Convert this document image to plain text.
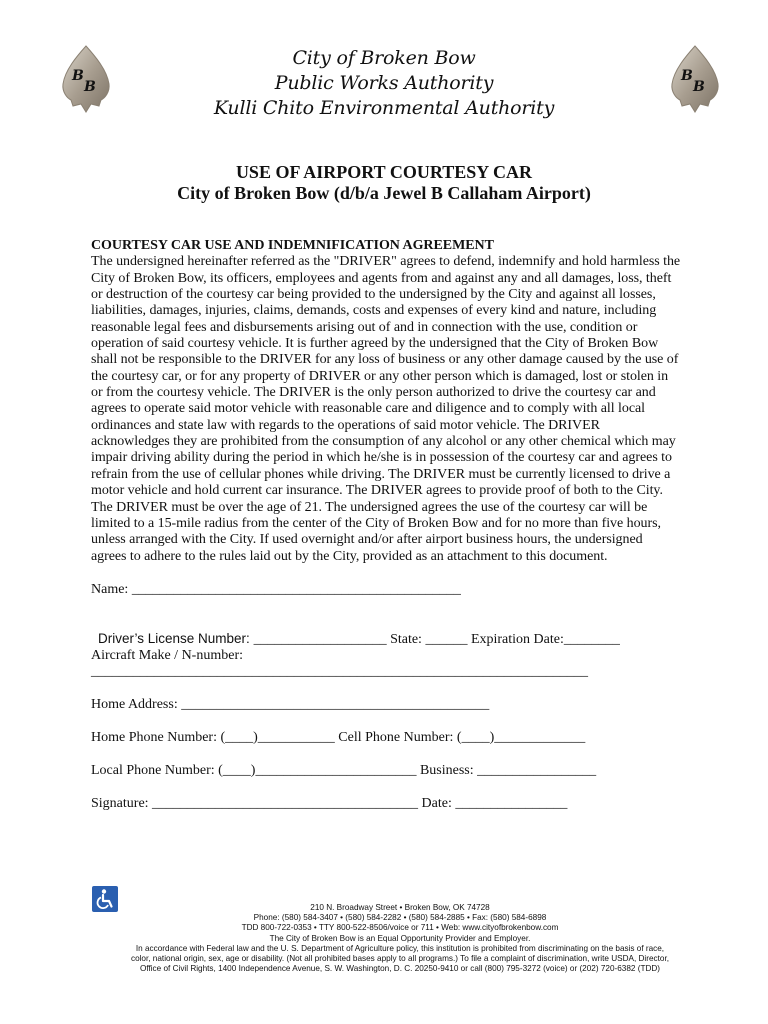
B
B
B
B
City of Broken Bow
Public Works Authority
Kulli Chito Environmental Authority
USE OF AIRPORT COURTESY CAR
City of Broken Bow (d/b/a Jewel B Callaham Airport)
COURTESY CAR USE AND INDEMNIFICATION AGREEMENT
The undersigned hereinafter referred as the "DRIVER" agrees to defend, indemnify and hold harmless the
City of Broken Bow, its officers, employees and agents from and against any and all damages, loss, theft
or destruction of the courtesy car being provided to the undersigned by the City and against all losses,
liabilities, damages, injuries, claims, demands, costs and expenses of every kind and nature, including
reasonable legal fees and disbursements arising out of and in connection with the use, condition or
operation of said courtesy vehicle. It is further agreed by the undersigned that the City of Broken Bow
shall not be responsible to the DRIVER for any loss of business or any other damage caused by the use of
the courtesy car, or for any property of DRIVER or any other person which is damaged, lost or stolen in
or from the courtesy vehicle. The DRIVER is the only person authorized to drive the courtesy car and
agrees to operate said motor vehicle with reasonable care and diligence and to comply with all local
ordinances and state law with regards to the operations of said motor vehicle. The DRIVER
acknowledges they are prohibited from the consumption of any alcohol or any other chemical which may
impair driving ability during the period in which he/she is in possession of the courtesy car and agrees to
refrain from the use of cellular phones while driving. The DRIVER must be currently licensed to drive a
motor vehicle and hold current car insurance. The DRIVER agrees to provide proof of both to the City.
The DRIVER must be over the age of 21. The undersigned agrees the use of the courtesy car will be
limited to a 15-mile radius from the center of the City of Broken Bow and for no more than five hours,
unless arranged with the City. If used overnight and/or after airport business hours, the undersigned
agrees to adhere to the rules laid out by the City, provided as an attachment to this document.
Name: _______________________________________________

Driver’s License Number: ___________________ State: ______ Expiration Date:________

Aircraft Make / N-number:
_______________________________________________________________________
Home Address: ____________________________________________
Home Phone Number: (____)___________ Cell Phone Number: (____)_____________
Local Phone Number: (____)_______________________ Business: _________________
Signature: ______________________________________ Date: ________________
210 N. Broadway Street • Broken Bow, OK 74728
Phone: (580) 584-3407 • (580) 584-2282 • (580) 584-2885 • Fax: (580) 584-6898
TDD 800-722-0353 • TTY 800-522-8506/voice or 711 • Web: www.cityofbrokenbow.com
The City of Broken Bow is an Equal Opportunity Provider and Employer.
In accordance with Federal law and the U. S. Department of Agriculture policy, this institution is prohibited from discriminating on the basis of race,
color, national origin, sex, age or disability. (Not all prohibited bases apply to all programs.) To file a complaint of discrimination, write USDA, Director,
Office of Civil Rights, 1400 Independence Avenue, S. W. Washington, D. C. 20250-9410 or call (800) 795-3272 (voice) or (202) 720-6382 (TDD)
